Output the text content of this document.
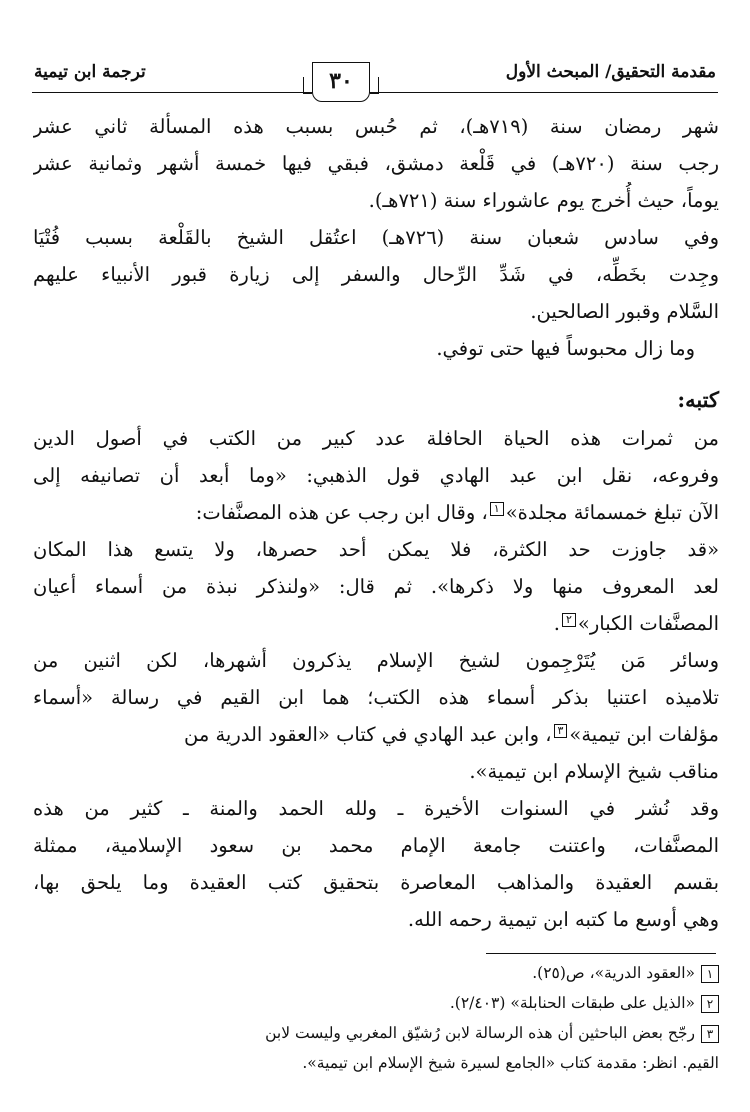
مقدمة التحقيق/ المبحث الأول
ترجمة ابن تيمية	٣٠
شهر رمضان سنة (٧١٩هـ)، ثم حُبس بسبب هذه المسألة ثاني عشر
رجب سنة (٧٢٠هـ) في قَلْعة دمشق، فبقي فيها خمسة أشهر وثمانية عشر
يوماً، حيث أُخرج يوم عاشوراء سنة (٧٢١هـ).
وفي سادس شعبان سنة (٧٢٦هـ) اعتُقل الشيخ بالقَلْعة بسبب فُتْيَا
وجِدت بخَطِّه، في شَدِّ الرِّحال والسفر إلى زيارة قبور الأنبياء عليهم
السَّلام وقبور الصالحين.
وما زال محبوساً فيها حتى توفي.
كتبه:
من ثمرات هذه الحياة الحافلة عدد كبير من الكتب في أصول الدين
وفروعه، نقل ابن عبد الهادي قول الذهبي: «وما أبعد أن تصانيفه إلى
الآن تبلغ خمسمائة مجلدة»١، وقال ابن رجب عن هذه المصنَّفات:
«قد جاوزت حد الكثرة، فلا يمكن أحد حصرها، ولا يتسع هذا المكان
لعد المعروف منها ولا ذكرها». ثم قال: «ولنذكر نبذة من أسماء أعيان
المصنَّفات الكبار»٢.
وسائر مَن يُتَرْجِمون لشيخ الإسلام يذكرون أشهرها، لكن اثنين من
تلاميذه اعتنيا بذكر أسماء هذه الكتب؛ هما ابن القيم في رسالة «أسماء
مؤلفات ابن تيمية»٣، وابن عبد الهادي في كتاب «العقود الدرية من
مناقب شيخ الإسلام ابن تيمية».
وقد نُشر في السنوات الأخيرة ـ ولله الحمد والمنة ـ كثير من هذه
المصنَّفات، واعتنت جامعة الإمام محمد بن سعود الإسلامية، ممثلة
بقسم العقيدة والمذاهب المعاصرة بتحقيق كتب العقيدة وما يلحق بها،
وهي أوسع ما كتبه ابن تيمية رحمه الله.
١«العقود الدرية»، ص(٢٥).
٢«الذيل على طبقات الحنابلة» (٢/٤٠٣).
٣رجّح بعض الباحثين أن هذه الرسالة لابن رُشيّق المغربي وليست لابن
القيم. انظر: مقدمة كتاب «الجامع لسيرة شيخ الإسلام ابن تيمية».
